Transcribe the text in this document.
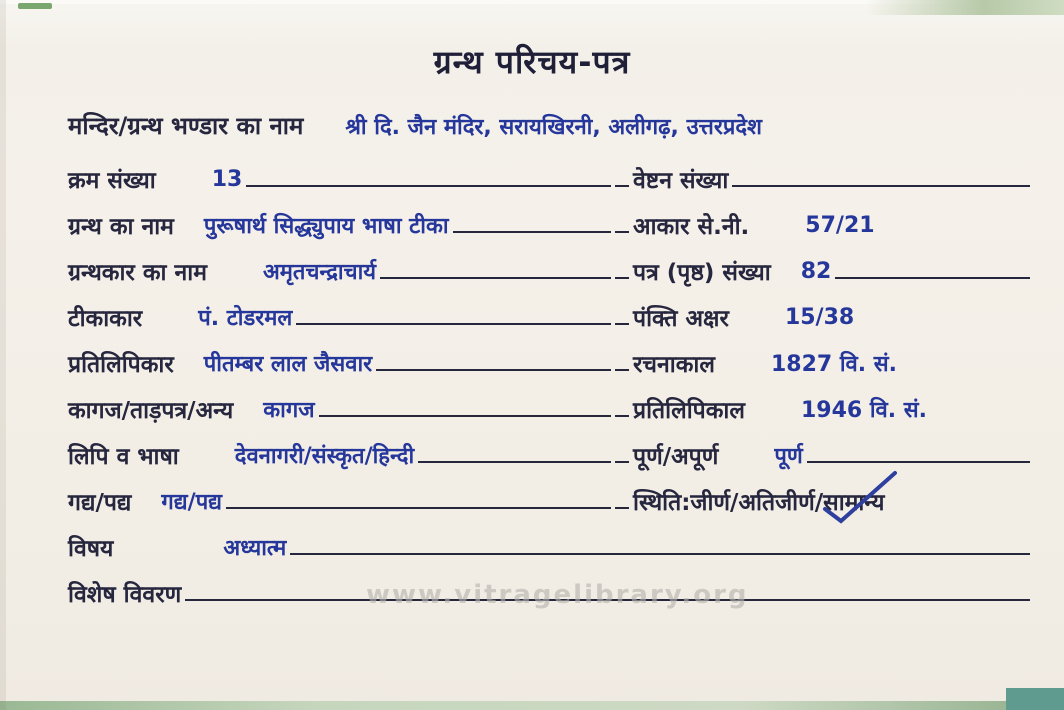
ग्रन्थ परिचय-पत्र
मन्दिर/ग्रन्थ भण्डार का नाम श्री दि. जैन मंदिर, सरायखिरनी, अलीगढ़, उत्तरप्रदेश
क्रम संख्या	13	वेष्टन संख्या
ग्रन्थ का नाम पुरूषार्थ सिद्ध्युपाय भाषा टीका	आकार से.नी.	57/21
ग्रन्थकार का नाम	अमृतचन्द्राचार्य	पत्र (पृष्ठ) संख्या 82
टीकाकार	पं. टोडरमल	पंक्ति अक्षर	15/38
प्रतिलिपिकार पीतम्बर लाल जैसवार	रचनाकाल	1827 वि. सं.
कागज/ताड़पत्र/अन्य कागज	प्रतिलिपिकाल	1946 वि. सं.
लिपि व भाषा	देवनागरी/संस्कृत/हिन्दी	पूर्ण/अपूर्ण	पूर्ण
गद्य/पद्य गद्य/पद्य	स्थिति:जीर्ण/अतिजीर्ण/ सामान्य
विषय	अध्यात्म
विशेष विवरण	www.vitragelibrary.org
